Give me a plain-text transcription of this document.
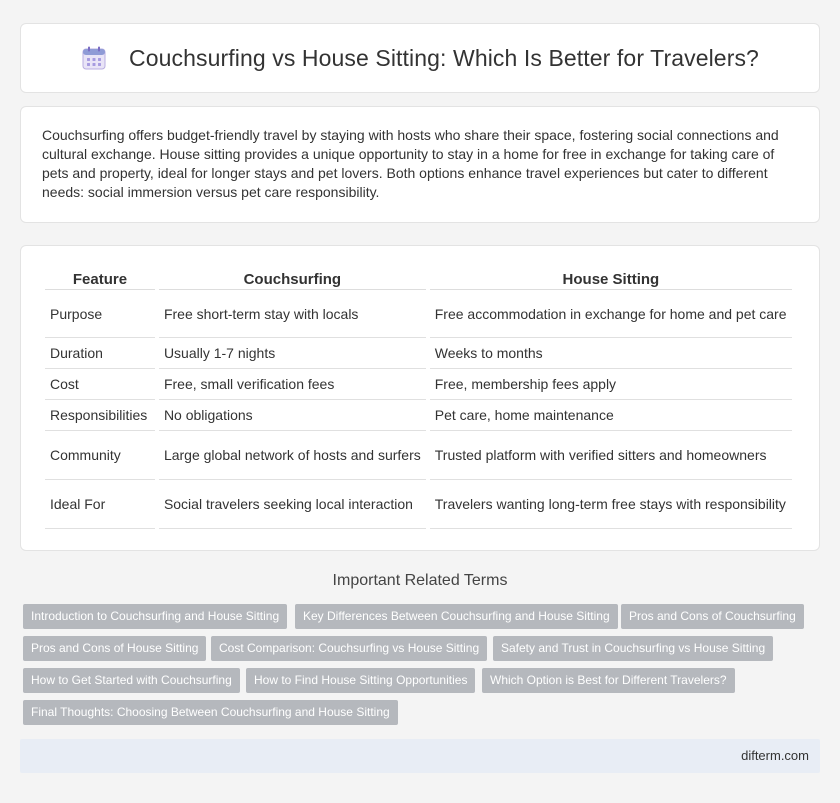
Couchsurfing vs House Sitting: Which Is Better for Travelers?

Couchsurfing offers budget-friendly travel by staying with hosts who share their space, fostering social connections and cultural exchange. House sitting provides a unique opportunity to stay in a home for free in exchange for taking care of pets and property, ideal for longer stays and pet lovers. Both options enhance travel experiences but cater to different needs: social immersion versus pet care responsibility.

Feature	Couchsurfing	House Sitting
Purpose	Free short-term stay with locals	Free accommodation in exchange for home and pet care
Duration	Usually 1-7 nights	Weeks to months
Cost	Free, small verification fees	Free, membership fees apply
Responsibilities	No obligations	Pet care, home maintenance
Community	Large global network of hosts and surfers	Trusted platform with verified sitters and homeowners
Ideal For	Social travelers seeking local interaction	Travelers wanting long-term free stays with responsibility
Important Related Terms
Introduction to Couchsurfing and House Sitting	Key Differences Between Couchsurfing and House Sitting	Pros and Cons of Couchsurfing
Pros and Cons of House Sitting	Cost Comparison: Couchsurfing vs House Sitting	Safety and Trust in Couchsurfing vs House Sitting
How to Get Started with Couchsurfing	How to Find House Sitting Opportunities	Which Option is Best for Different Travelers?
Final Thoughts: Choosing Between Couchsurfing and House Sitting
difterm.com
